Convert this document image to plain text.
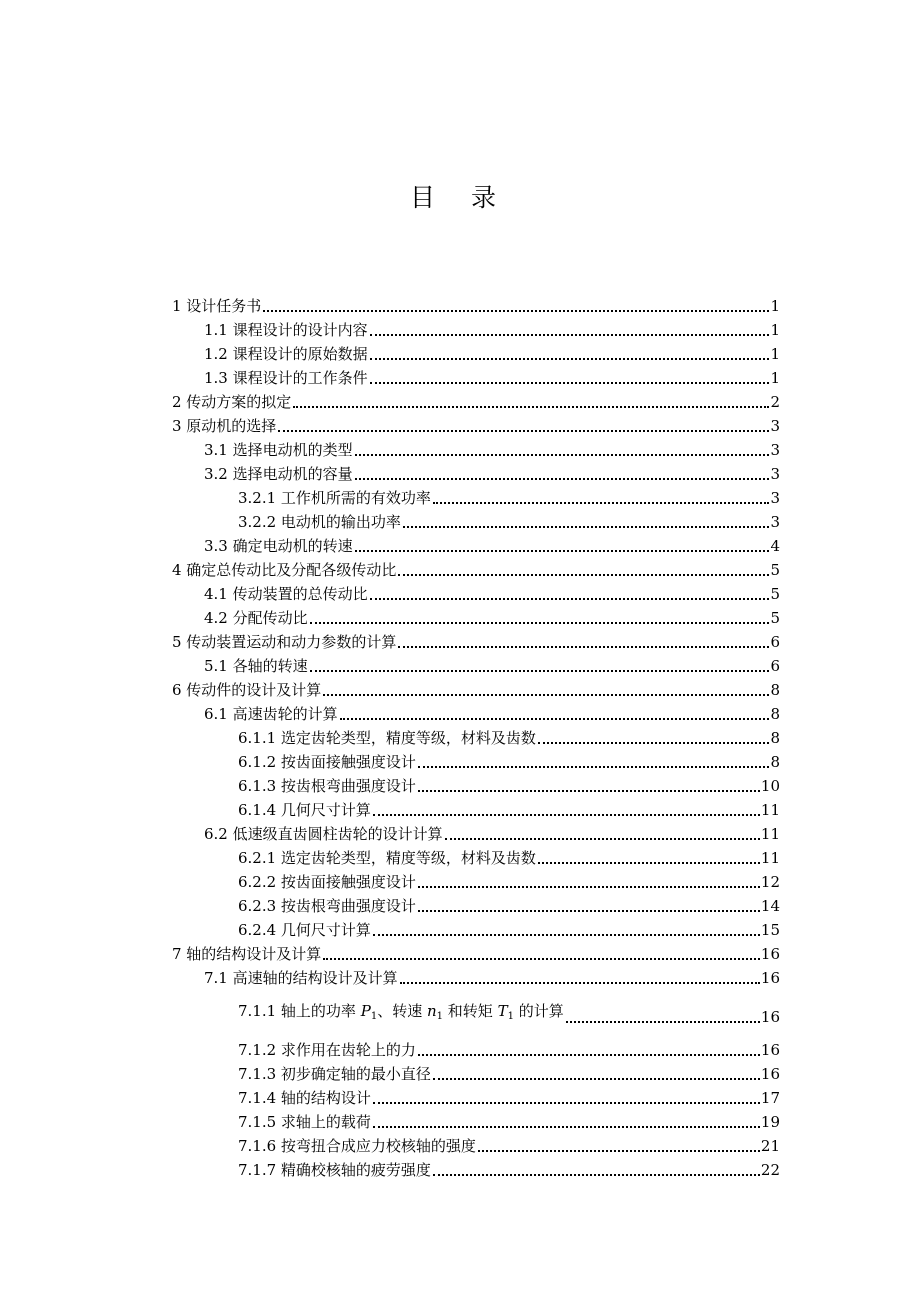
目 录
1 设计任务书	1
1.1 课程设计的设计内容	1
1.2 课程设计的原始数据	1
1.3 课程设计的工作条件	1
2 传动方案的拟定	2
3 原动机的选择	3
3.1 选择电动机的类型	3
3.2 选择电动机的容量	3
3.2.1 工作机所需的有效功率	3
3.2.2 电动机的输出功率	3
3.3 确定电动机的转速	4
4 确定总传动比及分配各级传动比	5
4.1 传动装置的总传动比	5
4.2 分配传动比	5
5 传动装置运动和动力参数的计算	6
5.1 各轴的转速	6
6 传动件的设计及计算	8
6.1 高速齿轮的计算	8
6.1.1 选定齿轮类型，精度等级，材料及齿数	8
6.1.2 按齿面接触强度设计	8
6.1.3 按齿根弯曲强度设计	10
6.1.4 几何尺寸计算	11
6.2 低速级直齿圆柱齿轮的设计计算	11
6.2.1 选定齿轮类型，精度等级，材料及齿数	11
6.2.2 按齿面接触强度设计	12
6.2.3 按齿根弯曲强度设计	14
6.2.4 几何尺寸计算	15
7 轴的结构设计及计算	16
7.1 高速轴的结构设计及计算	16
7.1.1 轴上的功率 $P_1$、转速 $n_1$ 和转矩 $T_1$ 的计算	16
7.1.2 求作用在齿轮上的力	16
7.1.3 初步确定轴的最小直径	16
7.1.4 轴的结构设计	17
7.1.5 求轴上的载荷	19
7.1.6 按弯扭合成应力校核轴的强度	21
7.1.7 精确校核轴的疲劳强度	22
